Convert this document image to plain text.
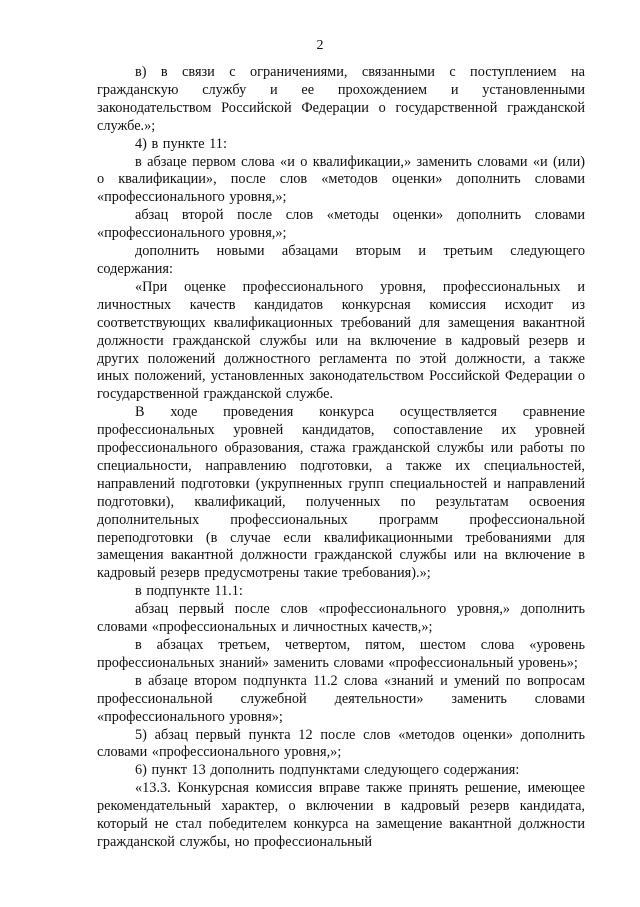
2

в) в связи с ограничениями, связанными с поступлением на гражданскую службу и ее прохождением и установленными законодательством Российской Федерации о государственной гражданской службе.»;

4) в пункте 11:

в абзаце первом слова «и о квалификации,» заменить словами «и (или) о квалификации», после слов «методов оценки» дополнить словами «профессионального уровня,»;

абзац второй после слов «методы оценки» дополнить словами «профессионального уровня,»;

дополнить новыми абзацами вторым и третьим следующего содержания:

«При оценке профессионального уровня, профессиональных и личностных качеств кандидатов конкурсная комиссия исходит из соответствующих квалификационных требований для замещения вакантной должности гражданской службы или на включение в кадровый резерв и других положений должностного регламента по этой должности, а также иных положений, установленных законодательством Российской Федерации о государственной гражданской службе.

В ходе проведения конкурса осуществляется сравнение профессиональных уровней кандидатов, сопоставление их уровней профессионального образования, стажа гражданской службы или работы по специальности, направлению подготовки, а также их специальностей, направлений подготовки (укрупненных групп специальностей и направлений подготовки), квалификаций, полученных по результатам освоения дополнительных профессиональных программ профессиональной переподготовки (в случае если квалификационными требованиями для замещения вакантной должности гражданской службы или на включение в кадровый резерв предусмотрены такие требования).»;

в подпункте 11.1:

абзац первый после слов «профессионального уровня,» дополнить словами «профессиональных и личностных качеств,»;

в абзацах третьем, четвертом, пятом, шестом слова «уровень профессиональных знаний» заменить словами «профессиональный уровень»;

в абзаце втором подпункта 11.2 слова «знаний и умений по вопросам профессиональной служебной деятельности» заменить словами «профессионального уровня»;

5) абзац первый пункта 12 после слов «методов оценки» дополнить словами «профессионального уровня,»;

6) пункт 13 дополнить подпунктами следующего содержания:

«13.3. Конкурсная комиссия вправе также принять решение, имеющее рекомендательный характер, о включении в кадровый резерв кандидата, который не стал победителем конкурса на замещение вакантной должности гражданской службы, но профессиональный
